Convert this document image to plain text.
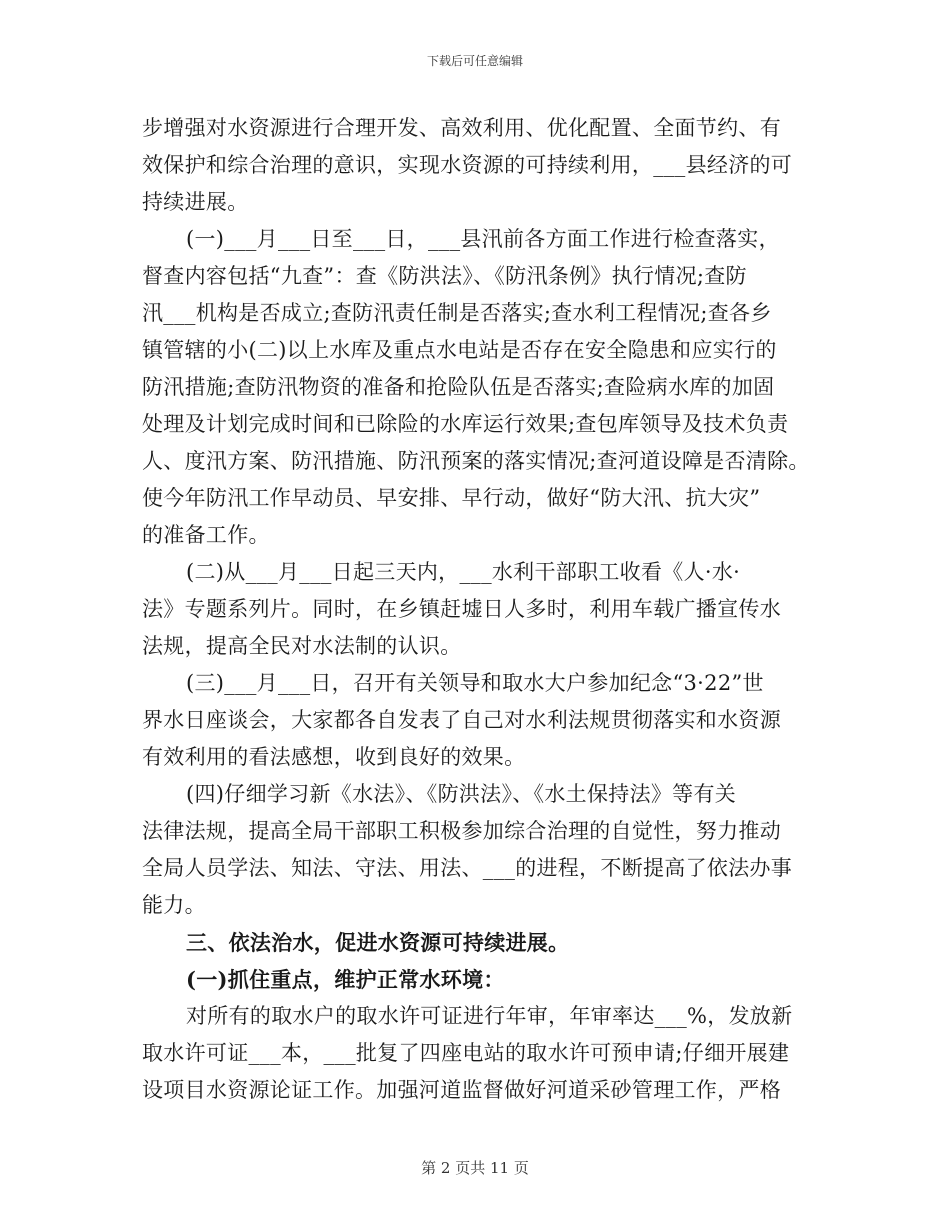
下载后可任意编辑
步增强对水资源进行合理开发、高效利用、优化配置、全面节约、有
效保护和综合治理的意识，实现水资源的可持续利用，___县经济的可
持续进展。
(一)___月___日至___日，___县汛前各方面工作进行检查落实，
督查内容包括“九查”：查《防洪法》、《防汛条例》执行情况;查防
汛___机构是否成立;查防汛责任制是否落实;查水利工程情况;查各乡
镇管辖的小(二)以上水库及重点水电站是否存在安全隐患和应实行的
防汛措施;查防汛物资的准备和抢险队伍是否落实;查险病水库的加固
处理及计划完成时间和已除险的水库运行效果;查包库领导及技术负责
人、度汛方案、防汛措施、防汛预案的落实情况;查河道设障是否清除。
使今年防汛工作早动员、早安排、早行动，做好“防大汛、抗大灾”
的准备工作。
(二)从___月___日起三天内，___水利干部职工收看《人·水·
法》专题系列片。同时，在乡镇赶墟日人多时，利用车载广播宣传水
法规，提高全民对水法制的认识。
(三)___月___日，召开有关领导和取水大户参加纪念“3·22”世
界水日座谈会，大家都各自发表了自己对水利法规贯彻落实和水资源
有效利用的看法感想，收到良好的效果。
(四)仔细学习新《水法》、《防洪法》、《水土保持法》等有关
法律法规，提高全局干部职工积极参加综合治理的自觉性，努力推动
全局人员学法、知法、守法、用法、___的进程，不断提高了依法办事
能力。
三、依法治水，促进水资源可持续进展。
(一)抓住重点，维护正常水环境：
对所有的取水户的取水许可证进行年审，年审率达___%，发放新
取水许可证___本，___批复了四座电站的取水许可预申请;仔细开展建
设项目水资源论证工作。加强河道监督做好河道采砂管理工作，严格
第 2 页共 11 页
